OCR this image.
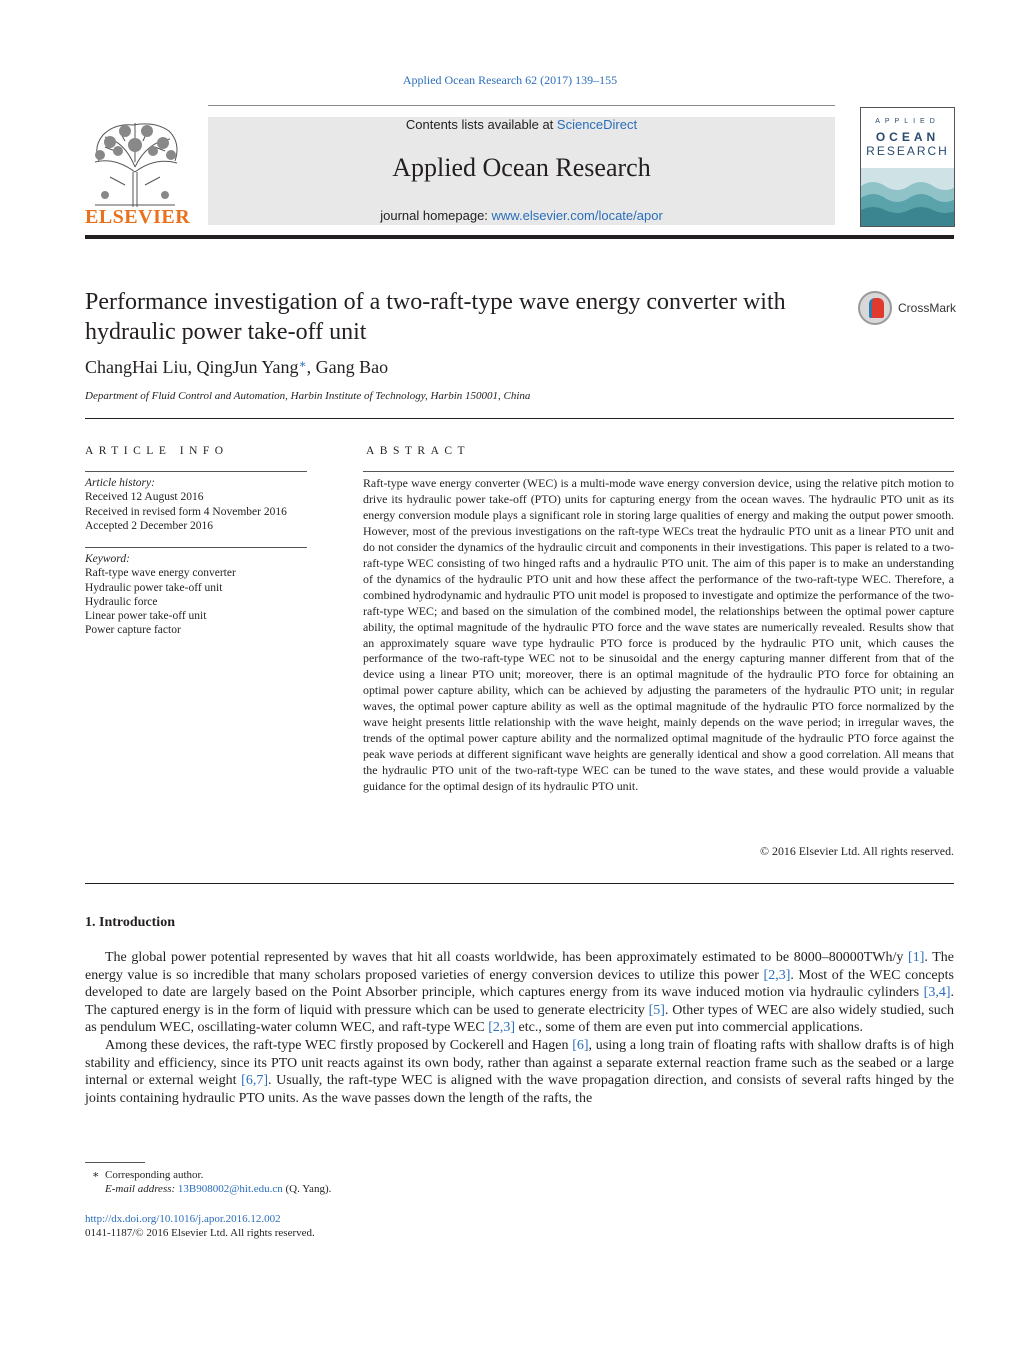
Applied Ocean Research 62 (2017) 139–155
ELSEVIER
Contents lists available at ScienceDirect
Applied Ocean Research
journal homepage: www.elsevier.com/locate/apor
APPLIED
OCEAN
RESEARCH
Performance investigation of a two-raft-type wave energy converter with hydraulic power take-off unit
CrossMark
ChangHai Liu, QingJun Yang∗, Gang Bao
Department of Fluid Control and Automation, Harbin Institute of Technology, Harbin 150001, China
ARTICLE INFO
Article history:
Received 12 August 2016
Received in revised form 4 November 2016
Accepted 2 December 2016
Keyword:
Raft-type wave energy converter
Hydraulic power take-off unit
Hydraulic force
Linear power take-off unit
Power capture factor
ABSTRACT
Raft-type wave energy converter (WEC) is a multi-mode wave energy conversion device, using the relative pitch motion to drive its hydraulic power take-off (PTO) units for capturing energy from the ocean waves. The hydraulic PTO unit as its energy conversion module plays a significant role in storing large qualities of energy and making the output power smooth. However, most of the previous investigations on the raft-type WECs treat the hydraulic PTO unit as a linear PTO unit and do not consider the dynamics of the hydraulic circuit and components in their investigations. This paper is related to a two-raft-type WEC consisting of two hinged rafts and a hydraulic PTO unit. The aim of this paper is to make an understanding of the dynamics of the hydraulic PTO unit and how these affect the performance of the two-raft-type WEC. Therefore, a combined hydrodynamic and hydraulic PTO unit model is proposed to investigate and optimize the performance of the two-raft-type WEC; and based on the simulation of the combined model, the relationships between the optimal power capture ability, the optimal magnitude of the hydraulic PTO force and the wave states are numerically revealed. Results show that an approximately square wave type hydraulic PTO force is produced by the hydraulic PTO unit, which causes the performance of the two-raft-type WEC not to be sinusoidal and the energy capturing manner different from that of the device using a linear PTO unit; moreover, there is an optimal magnitude of the hydraulic PTO force for obtaining an optimal power capture ability, which can be achieved by adjusting the parameters of the hydraulic PTO unit; in regular waves, the optimal power capture ability as well as the optimal magnitude of the hydraulic PTO force normalized by the wave height presents little relationship with the wave height, mainly depends on the wave period; in irregular waves, the trends of the optimal power capture ability and the normalized optimal magnitude of the hydraulic PTO force against the peak wave periods at different significant wave heights are generally identical and show a good correlation. All means that the hydraulic PTO unit of the two-raft-type WEC can be tuned to the wave states, and these would provide a valuable guidance for the optimal design of its hydraulic PTO unit.
© 2016 Elsevier Ltd. All rights reserved.
1. Introduction

The global power potential represented by waves that hit all coasts worldwide, has been approximately estimated to be 8000–80000TWh/y [1]. The energy value is so incredible that many scholars proposed varieties of energy conversion devices to utilize this power [2,3]. Most of the WEC concepts developed to date are largely based on the Point Absorber principle, which captures energy from its wave induced motion via hydraulic cylinders [3,4]. The captured energy is in the form of liquid with pressure which can be used to generate electricity [5]. Other types of WEC are also widely studied, such as pendulum WEC, oscillating-water column WEC, and raft-type WEC [2,3] etc., some of them are even put into commercial applications.

Among these devices, the raft-type WEC firstly proposed by Cockerell and Hagen [6], using a long train of floating rafts with shallow drafts is of high stability and efficiency, since its PTO unit reacts against its own body, rather than against a separate external reaction frame such as the seabed or a large internal or external weight [6,7]. Usually, the raft-type WEC is aligned with the wave propagation direction, and consists of several rafts hinged by the joints containing hydraulic PTO units. As the wave passes down the length of the rafts, the

∗ Corresponding author.
E-mail address: 13B908002@hit.edu.cn (Q. Yang).
http://dx.doi.org/10.1016/j.apor.2016.12.002
0141-1187/© 2016 Elsevier Ltd. All rights reserved.
